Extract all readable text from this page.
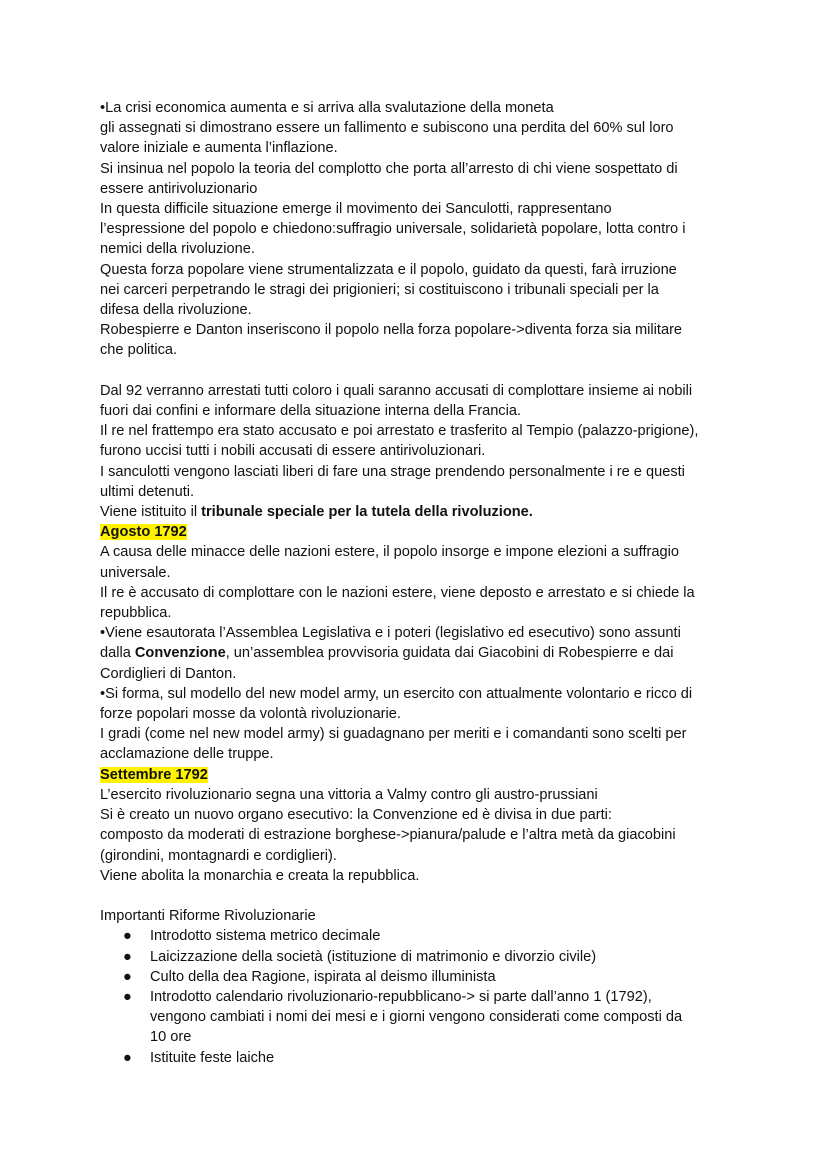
•La crisi economica aumenta e si arriva alla svalutazione della moneta
gli assegnati si dimostrano essere un fallimento e subiscono una perdita del 60% sul loro
valore iniziale e aumenta l’inflazione.
Si insinua nel popolo la teoria del complotto che porta all’arresto di chi viene sospettato di
essere antirivoluzionario
In questa difficile situazione emerge il movimento dei Sanculotti, rappresentano
l’espressione del popolo e chiedono:suffragio universale, solidarietà popolare, lotta contro i
nemici della rivoluzione.
Questa forza popolare viene strumentalizzata e il popolo, guidato da questi, farà irruzione
nei carceri perpetrando le stragi dei prigionieri; si costituiscono i tribunali speciali per la
difesa della rivoluzione.
Robespierre e Danton inseriscono il popolo nella forza popolare->diventa forza sia militare
che politica.
Dal 92 verranno arrestati tutti coloro i quali saranno accusati di complottare insieme ai nobili
fuori dai confini e informare della situazione interna della Francia.
Il re nel frattempo era stato accusato e poi arrestato e trasferito al Tempio (palazzo-prigione),
furono uccisi tutti i nobili accusati di essere antirivoluzionari.
I sanculotti vengono lasciati liberi di fare una strage prendendo personalmente i re e questi
ultimi detenuti.
Viene istituito il tribunale speciale per la tutela della rivoluzione.
Agosto 1792
A causa delle minacce delle nazioni estere, il popolo insorge e impone elezioni a suffragio
universale.
Il re è accusato di complottare con le nazioni estere, viene deposto e arrestato e si chiede la
repubblica.
•Viene esautorata l’Assemblea Legislativa e i poteri (legislativo ed esecutivo) sono assunti
dalla Convenzione, un’assemblea provvisoria guidata dai Giacobini di Robespierre e dai
Cordiglieri di Danton.
•Si forma, sul modello del new model army, un esercito con attualmente volontario e ricco di
forze popolari mosse da volontà rivoluzionarie.
I gradi (come nel new model army) si guadagnano per meriti e i comandanti sono scelti per
acclamazione delle truppe.
Settembre 1792
L’esercito rivoluzionario segna una vittoria a Valmy contro gli austro-prussiani
Si è creato un nuovo organo esecutivo: la Convenzione ed è divisa in due parti:
composto da moderati di estrazione borghese->pianura/palude e l’altra metà da giacobini
(girondini, montagnardi e cordiglieri).
Viene abolita la monarchia e creata la repubblica.
Importanti Riforme Rivoluzionarie
● Introdotto sistema metrico decimale
● Laicizzazione della società (istituzione di matrimonio e divorzio civile)
● Culto della dea Ragione, ispirata al deismo illuminista
● Introdotto calendario rivoluzionario-repubblicano-> si parte dall’anno 1 (1792),
vengono cambiati i nomi dei mesi e i giorni vengono considerati come composti da
10 ore
● Istituite feste laiche
